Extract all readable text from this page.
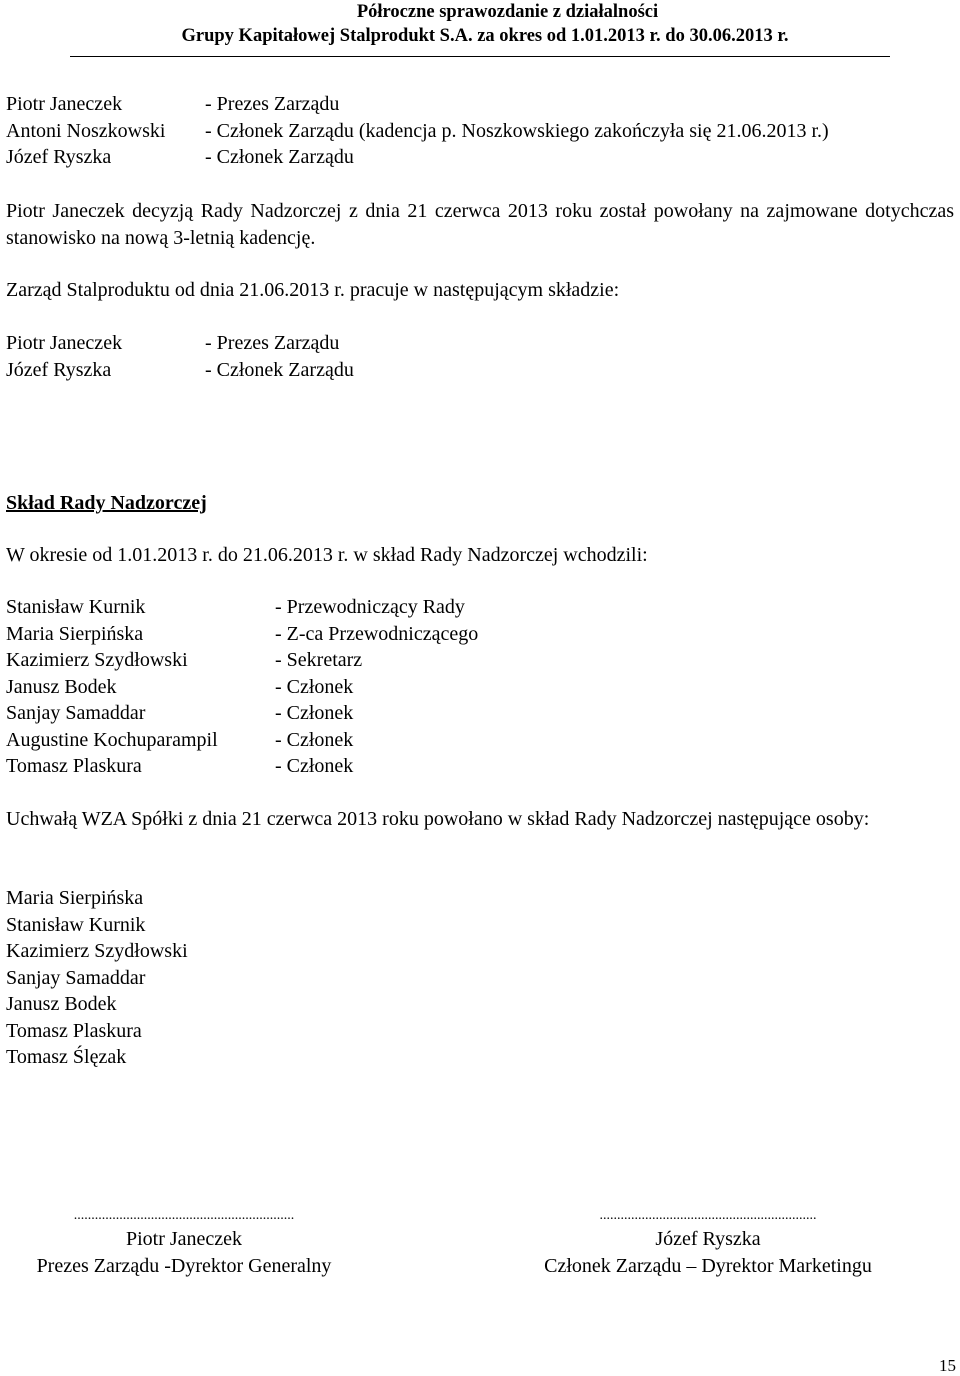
Półroczne sprawozdanie z działalności
Grupy Kapitałowej Stalprodukt S.A. za okres od 1.01.2013 r. do 30.06.2013 r.
Piotr Janeczek	- Prezes Zarządu
Antoni Noszkowski - Członek Zarządu (kadencja p. Noszkowskiego zakończyła się 21.06.2013 r.)
Józef Ryszka	- Członek Zarządu
Piotr Janeczek decyzją Rady Nadzorczej z dnia 21 czerwca 2013 roku został powołany na zajmowane dotychczas stanowisko na nową 3-letnią kadencję.
Zarząd Stalproduktu od dnia 21.06.2013 r. pracuje w następującym składzie:
Piotr Janeczek	- Prezes Zarządu
Józef Ryszka	- Członek Zarządu
Skład Rady Nadzorczej
W okresie od 1.01.2013 r. do 21.06.2013 r. w skład Rady Nadzorczej wchodzili:
Stanisław Kurnik	- Przewodniczący Rady
Maria Sierpińska	- Z-ca Przewodniczącego
Kazimierz Szydłowski	- Sekretarz
Janusz Bodek	- Członek
Sanjay Samaddar	- Członek
Augustine Kochuparampil	- Członek
Tomasz Plaskura	- Członek
Uchwałą WZA Spółki z dnia 21 czerwca 2013 roku powołano w skład Rady Nadzorczej następujące osoby:
Maria Sierpińska
Stanisław Kurnik
Kazimierz Szydłowski
Sanjay Samaddar
Janusz Bodek
Tomasz Plaskura
Tomasz Ślęzak
...............................................................
Piotr Janeczek
Prezes Zarządu -Dyrektor Generalny
..............................................................
Józef Ryszka
Członek Zarządu – Dyrektor Marketingu
15
